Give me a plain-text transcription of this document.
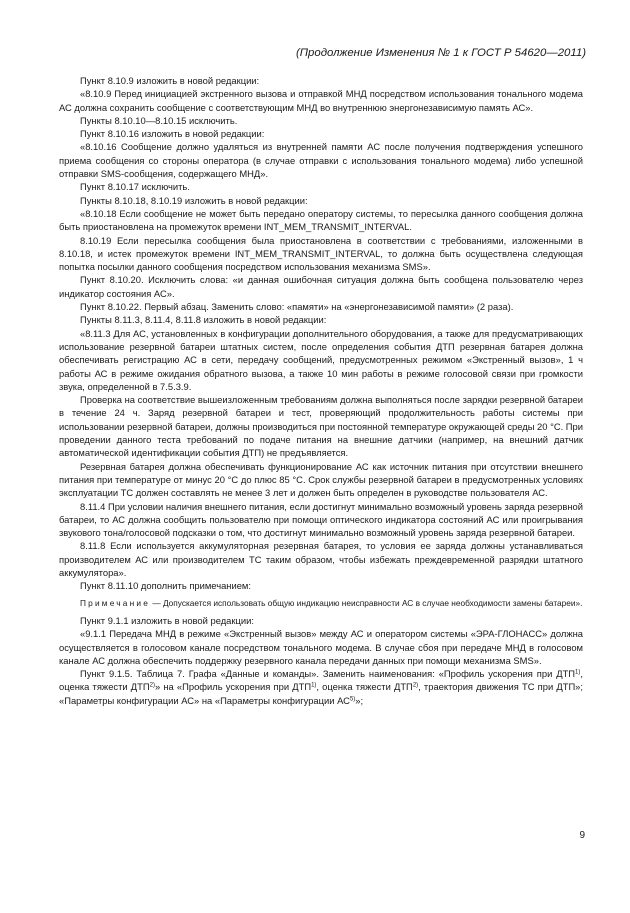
(Продолжение Изменения № 1 к ГОСТ Р 54620—2011)

Пункт 8.10.9 изложить в новой редакции:

«8.10.9 Перед инициацией экстренного вызова и отправкой МНД посредством использования тонального модема АС должна сохранить сообщение с соответствующим МНД во внутреннюю энергонезависимую память АС».

Пункты 8.10.10—8.10.15 исключить.

Пункт 8.10.16 изложить в новой редакции:

«8.10.16 Сообщение должно удаляться из внутренней памяти АС после получения подтверждения успешного приема сообщения со стороны оператора (в случае отправки с использования тонального модема) либо успешной отправки SMS-сообщения, содержащего МНД».

Пункт 8.10.17 исключить.

Пункты 8.10.18, 8.10.19 изложить в новой редакции:

«8.10.18 Если сообщение не может быть передано оператору системы, то пересылка данного сообщения должна быть приостановлена на промежуток времени INT_MEM_TRANSMIT_INTERVAL.

8.10.19 Если пересылка сообщения была приостановлена в соответствии с требованиями, изложенными в 8.10.18, и истек промежуток времени INT_MEM_TRANSMIT_INTERVAL, то должна быть осуществлена следующая попытка посылки данного сообщения посредством использования механизма SMS».

Пункт 8.10.20. Исключить слова: «и данная ошибочная ситуация должна быть сообщена пользователю через индикатор состояния АС».

Пункт 8.10.22. Первый абзац. Заменить слово: «памяти» на «энергонезависимой памяти» (2 раза).

Пункты 8.11.3, 8.11.4, 8.11.8 изложить в новой редакции:

«8.11.3 Для АС, установленных в конфигурации дополнительного оборудования, а также для предусматривающих использование резервной батареи штатных систем, после определения события ДТП резервная батарея должна обеспечивать регистрацию АС в сети, передачу сообщений, предусмотренных режимом «Экстренный вызов», 1 ч работы АС в режиме ожидания обратного вызова, а также 10 мин работы в режиме голосовой связи при громкости звука, определенной в 7.5.3.9.

Проверка на соответствие вышеизложенным требованиям должна выполняться после зарядки резервной батареи в течение 24 ч. Заряд резервной батареи и тест, проверяющий продолжительность работы системы при использовании резервной батареи, должны производиться при постоянной температуре окружающей среды 20 °С. При проведении данного теста требований по подаче питания на внешние датчики (например, на внешний датчик автоматической идентификации события ДТП) не предъявляется.

Резервная батарея должна обеспечивать функционирование АС как источник питания при отсутствии внешнего питания при температуре от минус 20 °С до плюс 85 °С. Срок службы резервной батареи в предусмотренных условиях эксплуатации ТС должен составлять не менее 3 лет и должен быть определен в руководстве пользователя АС.

8.11.4 При условии наличия внешнего питания, если достигнут минимально возможный уровень заряда резервной батареи, то АС должна сообщить пользователю при помощи оптического индикатора состояний АС или проигрывания звукового тона/голосовой подсказки о том, что достигнут минимально возможный уровень заряда резервной батареи.

8.11.8 Если используется аккумуляторная резервная батарея, то условия ее заряда должны устанавливаться производителем АС или производителем ТС таким образом, чтобы избежать преждевременной разрядки штатного аккумулятора».

Пункт 8.11.10 дополнить примечанием:

Примечание — Допускается использовать общую индикацию неисправности АС в случае необходимости замены батареи».

Пункт 9.1.1 изложить в новой редакции:

«9.1.1 Передача МНД в режиме «Экстренный вызов» между АС и оператором системы «ЭРА-ГЛОНАСС» должна осуществляется в голосовом канале посредством тонального модема. В случае сбоя при передаче МНД в голосовом канале АС должна обеспечить поддержку резервного канала передачи данных при помощи механизма SMS».

Пункт 9.1.5. Таблица 7. Графа «Данные и команды». Заменить наименования: «Профиль ускорения при ДТП$^{1)}$, оценка тяжести ДТП$^{2)}$» на «Профиль ускорения при ДТП$^{1)}$, оценка тяжести ДТП$^{2)}$, траектория движения ТС при ДТП»; «Параметры конфигурации АС» на «Параметры конфигурации АС$^{5)}$»;

9
